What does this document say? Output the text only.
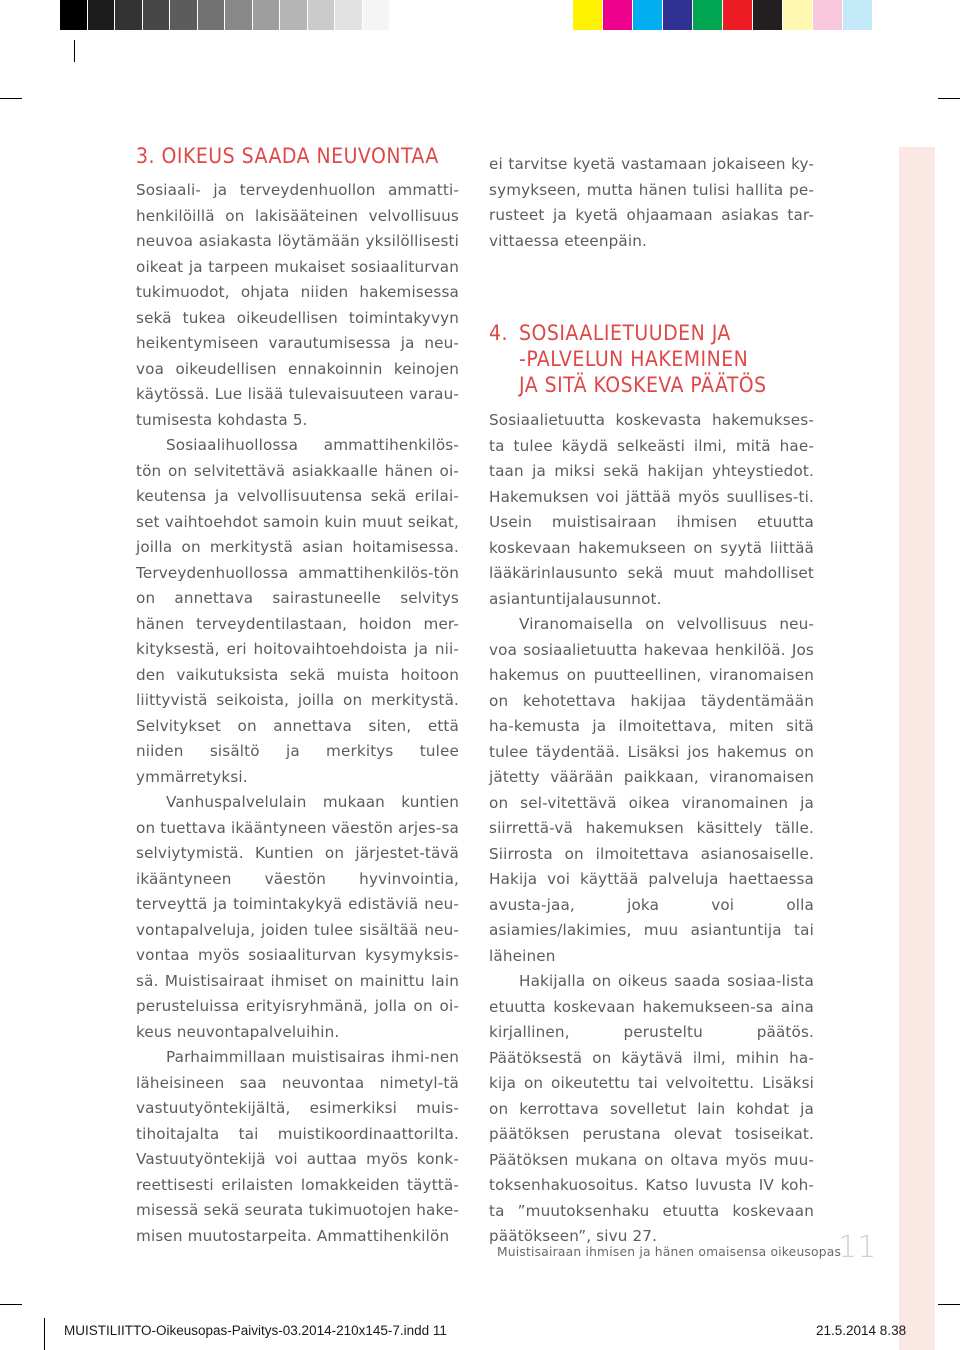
3. OIKEUS SAADA NEUVONTAA

Sosiaali- ja terveydenhuollon ammatti-henkilöillä on lakisääteinen velvollisuus neuvoa asiakasta löytämään yksilöllisesti oikeat ja tarpeen mukaiset sosiaaliturvan tukimuodot, ohjata niiden hakemisessa sekä tukea oikeudellisen toimintakyvyn heikentymiseen varautumisessa ja neu-voa oikeudellisen ennakoinnin keinojen käytössä. Lue lisää tulevaisuuteen varau-tumisesta kohdasta 5.

Sosiaalihuollossa ammattihenkilös-tön on selvitettävä asiakkaalle hänen oi-keutensa ja velvollisuutensa sekä erilai-set vaihtoehdot samoin kuin muut seikat, joilla on merkitystä asian hoitamisessa. Terveydenhuollossa ammattihenkilös-tön on annettava sairastuneelle selvitys hänen terveydentilastaan, hoidon mer-kityksestä, eri hoitovaihtoehdoista ja nii-den vaikutuksista sekä muista hoitoon liittyvistä seikoista, joilla on merkitystä. Selvitykset on annettava siten, että niiden sisältö ja merkitys tulee ymmärretyksi.

Vanhuspalvelulain mukaan kuntien on tuettava ikääntyneen väestön arjes-sa selviytymistä. Kuntien on järjestet-tävä ikääntyneen väestön hyvinvointia, terveyttä ja toimintakykyä edistäviä neu-vontapalveluja, joiden tulee sisältää neu-vontaa myös sosiaaliturvan kysymyksis-sä. Muistisairaat ihmiset on mainittu lain perusteluissa erityisryhmänä, jolla on oi-keus neuvontapalveluihin.

Parhaimmillaan muistisairas ihmi-nen läheisineen saa neuvontaa nimetyl-tä vastuutyöntekijältä, esimerkiksi muis-tihoitajalta tai muistikoordinaattorilta. Vastuutyöntekijä voi auttaa myös konk-reettisesti erilaisten lomakkeiden täyttä-misessä sekä seurata tukimuotojen hake-misen muutostarpeita. Ammattihenkilön

ei tarvitse kyetä vastamaan jokaiseen ky-symykseen, mutta hänen tulisi hallita pe-rusteet ja kyetä ohjaamaan asiakas tar-vittaessa eteenpäin.

4. SOSIAALIETUUDEN JA
-PALVELUN HAKEMINEN
JA SITÄ KOSKEVA PÄÄTÖS

Sosiaalietuutta koskevasta hakemukses-ta tulee käydä selkeästi ilmi, mitä hae-taan ja miksi sekä hakijan yhteystiedot. Hakemuksen voi jättää myös suullises-ti. Usein muistisairaan ihmisen etuutta koskevaan hakemukseen on syytä liittää lääkärinlausunto sekä muut mahdolliset asiantuntijalausunnot.

Viranomaisella on velvollisuus neu-voa sosiaalietuutta hakevaa henkilöä. Jos hakemus on puutteellinen, viranomaisen on kehotettava hakijaa täydentämään ha-kemusta ja ilmoitettava, miten sitä tulee täydentää. Lisäksi jos hakemus on jätetty väärään paikkaan, viranomaisen on sel-vitettävä oikea viranomainen ja siirrettä-vä hakemuksen käsittely tälle. Siirrosta on ilmoitettava asianosaiselle. Hakija voi käyttää palveluja haettaessa avusta-jaa, joka voi olla asiamies/lakimies, muu asiantuntija tai läheinen

Hakijalla on oikeus saada sosiaa-lista etuutta koskevaan hakemukseen-sa aina kirjallinen, perusteltu päätös. Päätöksestä on käytävä ilmi, mihin ha-kija on oikeutettu tai velvoitettu. Lisäksi on kerrottava sovelletut lain kohdat ja päätöksen perustana olevat tosiseikat. Päätöksen mukana on oltava myös muu-toksenhakuosoitus. Katso luvusta IV koh-ta ”muutoksenhaku etuutta koskevaan päätökseen”, sivu 27.

Muistisairaan ihmisen ja hänen omaisensa oikeusopas
11
MUISTILIITTO-Oikeusopas-Paivitys-03.2014-210x145-7.indd 11	21.5.2014 8.38
